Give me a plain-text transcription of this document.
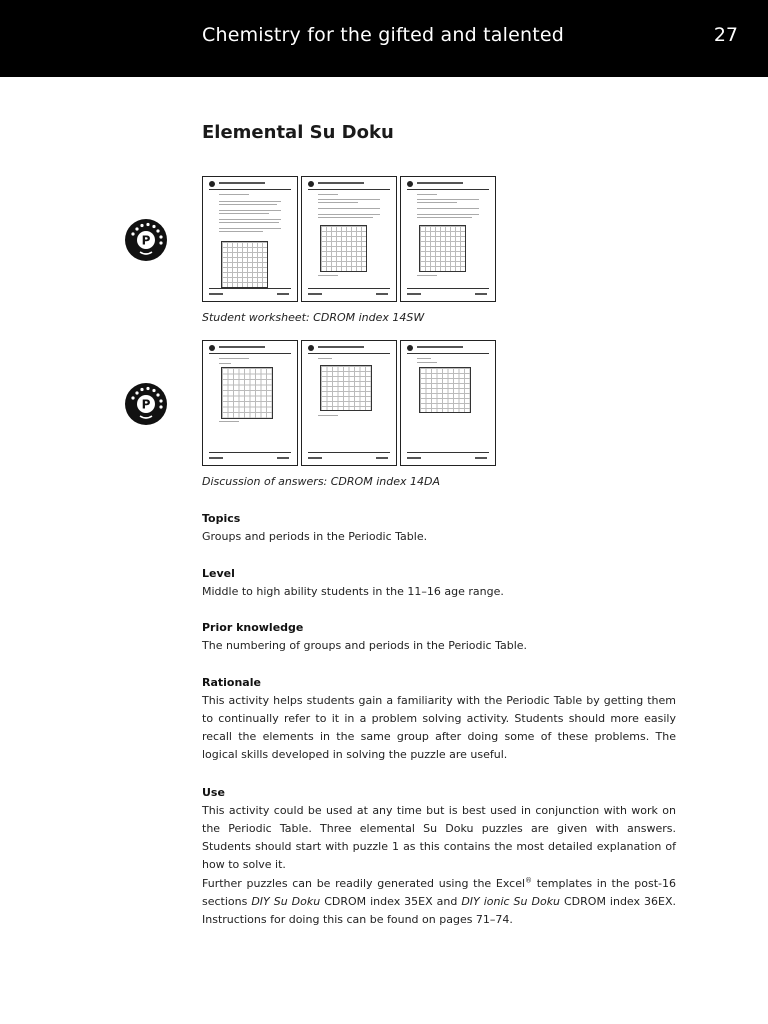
Chemistry for the gifted and talented	27
Elemental Su Doku
P
Student worksheet: CDROM index 14SW
P
Discussion of answers: CDROM index 14DA
Topics

Groups and periods in the Periodic Table.

Level

Middle to high ability students in the 11–16 age range.

Prior knowledge

The numbering of groups and periods in the Periodic Table.

Rationale

This activity helps students gain a familiarity with the Periodic Table by getting them to continually refer to it in a problem solving activity. Students should more easily recall the elements in the same group after doing some of these problems. The logical skills developed in solving the puzzle are useful.

Use

This activity could be used at any time but is best used in conjunction with work on the Periodic Table. Three elemental Su Doku puzzles are given with answers. Students should start with puzzle 1 as this contains the most detailed explanation of how to solve it.

Further puzzles can be readily generated using the Excel® templates in the post-16 sections DIY Su Doku CDROM index 35EX and DIY ionic Su Doku CDROM index 36EX. Instructions for doing this can be found on pages 71–74.
